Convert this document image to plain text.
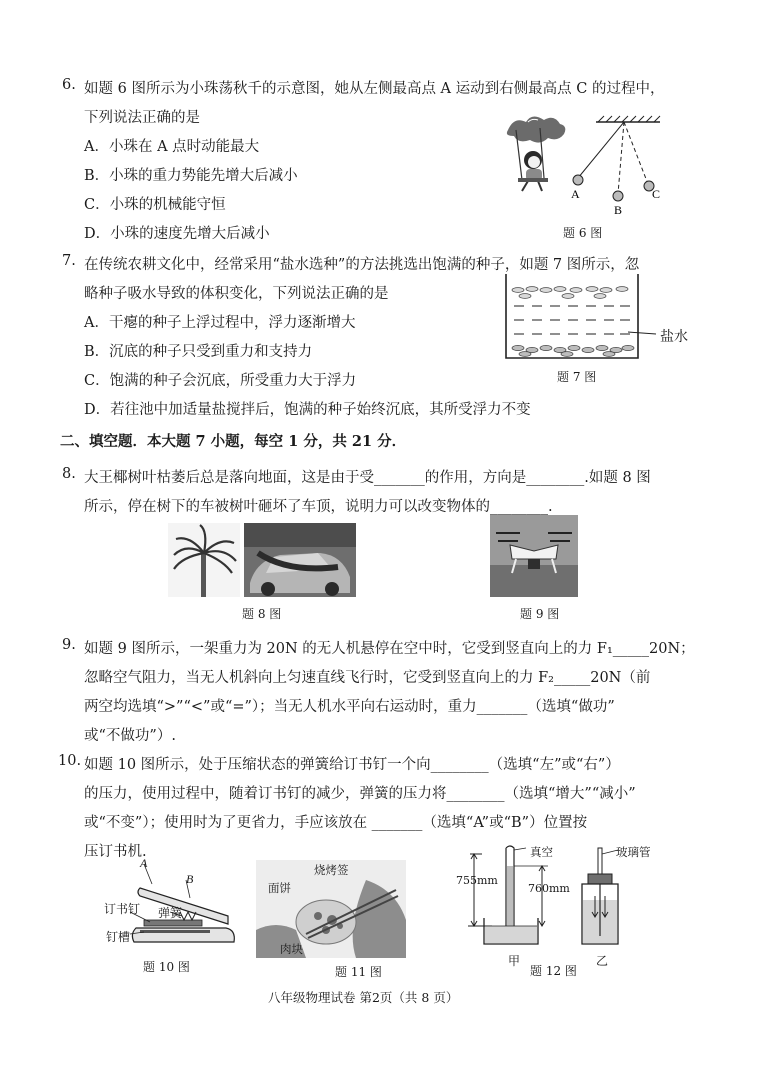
6. 如题 6 图所示为小珠荡秋千的示意图，她从左侧最高点 A 运动到右侧最高点 C 的过程中，
下列说法正确的是
A．小珠在 A 点时动能最大
B．小珠的重力势能先增大后减小
C．小珠的机械能守恒
D．小珠的速度先增大后减小
A
B
C
题 6 图
7. 在传统农耕文化中，经常采用“盐水选种”的方法挑选出饱满的种子，如题 7 图所示，忽
略种子吸水导致的体积变化，下列说法正确的是
A．干瘪的种子上浮过程中，浮力逐渐增大
B．沉底的种子只受到重力和支持力
C．饱满的种子会沉底，所受重力大于浮力
D．若往池中加适量盐搅拌后，饱满的种子始终沉底，其所受浮力不变
盐水
题 7 图
二、填空题．本大题 7 小题，每空 1 分，共 21 分．
8. 大王椰树叶枯萎后总是落向地面，这是由于受_______的作用，方向是________.如题 8 图
所示，停在树下的车被树叶砸坏了车顶，说明力可以改变物体的________.
题 8 图	题 9 图
9. 如题 9 图所示，一架重力为 20N 的无人机悬停在空中时，它受到竖直向上的力 F₁_____20N；
忽略空气阻力，当无人机斜向上匀速直线飞行时，它受到竖直向上的力 F₂_____20N（前
两空均选填“>”“<”或“=”）；当无人机水平向右运动时，重力_______（选填“做功”
或“不做功”）.
10. 如题 10 图所示，处于压缩状态的弹簧给订书钉一个向________（选填“左”或“右”）
的压力，使用过程中，随着订书钉的减少，弹簧的压力将________（选填“增大”“减小”
或“不变”）；使用时为了更省力，手应该放在 _______（选填“A”或“B”）位置按
压订书机.
A
B
订书钉 弹簧
钉槽
题 10 图
烧烤签
面饼
肉块
题 11 图
真空
755mm
760mm
玻璃管
甲
题 12 图
乙
八年级物理试卷 第2页（共 8 页）
